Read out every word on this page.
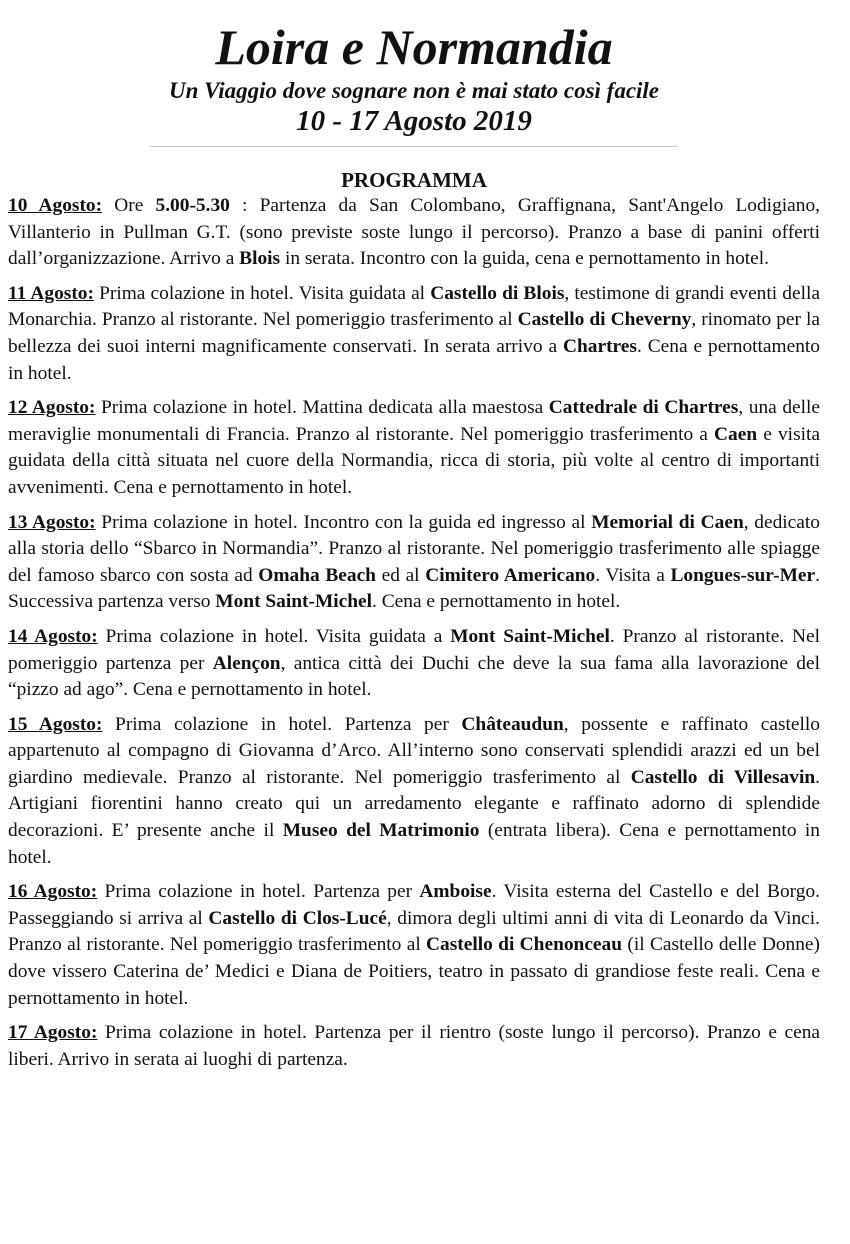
Loira e Normandia

Un Viaggio dove sognare non è mai stato così facile

10 - 17 Agosto 2019

PROGRAMMA

10 Agosto: Ore 5.00-5.30 : Partenza da San Colombano, Graffignana, Sant'Angelo Lodigiano, Villanterio in Pullman G.T. (sono previste soste lungo il percorso). Pranzo a base di panini offerti dall’organizzazione. Arrivo a Blois in serata. Incontro con la guida, cena e pernottamento in hotel.

11 Agosto: Prima colazione in hotel. Visita guidata al Castello di Blois, testimone di grandi eventi della Monarchia. Pranzo al ristorante. Nel pomeriggio trasferimento al Castello di Cheverny, rinomato per la bellezza dei suoi interni magnificamente conservati. In serata arrivo a Chartres. Cena e pernottamento in hotel.

12 Agosto: Prima colazione in hotel. Mattina dedicata alla maestosa Cattedrale di Chartres, una delle meraviglie monumentali di Francia. Pranzo al ristorante. Nel pomeriggio trasferimento a Caen e visita guidata della città situata nel cuore della Normandia, ricca di storia, più volte al centro di importanti avvenimenti. Cena e pernottamento in hotel.

13 Agosto: Prima colazione in hotel. Incontro con la guida ed ingresso al Memorial di Caen, dedicato alla storia dello “Sbarco in Normandia”. Pranzo al ristorante. Nel pomeriggio trasferimento alle spiagge del famoso sbarco con sosta ad Omaha Beach ed al Cimitero Americano. Visita a Longues-sur-Mer. Successiva partenza verso Mont Saint-Michel. Cena e pernottamento in hotel.

14 Agosto: Prima colazione in hotel. Visita guidata a Mont Saint-Michel. Pranzo al ristorante. Nel pomeriggio partenza per Alençon, antica città dei Duchi che deve la sua fama alla lavorazione del “pizzo ad ago”. Cena e pernottamento in hotel.

15 Agosto: Prima colazione in hotel. Partenza per Châteaudun, possente e raffinato castello appartenuto al compagno di Giovanna d’Arco. All’interno sono conservati splendidi arazzi ed un bel giardino medievale. Pranzo al ristorante. Nel pomeriggio trasferimento al Castello di Villesavin. Artigiani fiorentini hanno creato qui un arredamento elegante e raffinato adorno di splendide decorazioni. E’ presente anche il Museo del Matrimonio (entrata libera). Cena e pernottamento in hotel.

16 Agosto: Prima colazione in hotel. Partenza per Amboise. Visita esterna del Castello e del Borgo. Passeggiando si arriva al Castello di Clos-Lucé, dimora degli ultimi anni di vita di Leonardo da Vinci. Pranzo al ristorante. Nel pomeriggio trasferimento al Castello di Chenonceau (il Castello delle Donne) dove vissero Caterina de’ Medici e Diana de Poitiers, teatro in passato di grandiose feste reali. Cena e pernottamento in hotel.

17 Agosto: Prima colazione in hotel. Partenza per il rientro (soste lungo il percorso). Pranzo e cena liberi. Arrivo in serata ai luoghi di partenza.
